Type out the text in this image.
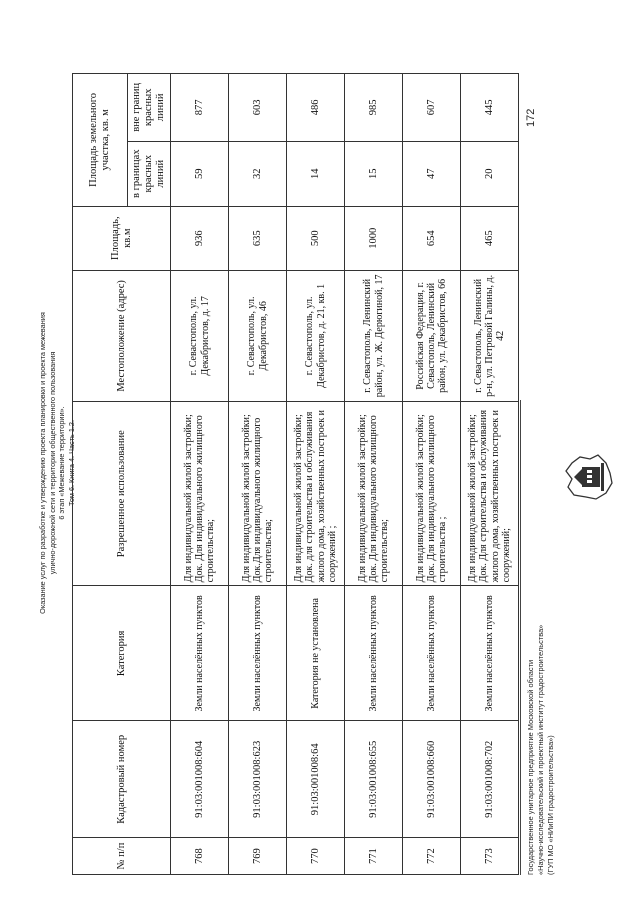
Оказание услуг по разработке и утверждению проекта планировки и проекта межевания улично-дорожной сети и территории общественного пользования 6 этап «Межевание территории». Том 6. Книга 4. Часть 1.2.
№ п/п	Кадастровый номер	Категория	Разрешенное использование	Местоположение (адрес)	Площадь, кв.м	Площадь земельного участка, кв. м	
						в границах красных линий	вне границ красных линий
768	91:03:001008:604	Земли населённых пунктов	Для индивидуальной жилой застройки; Док. Для индивидуального жилищного строительства;	г. Севастополь, ул. Декабристов, д. 17	936	59	877
769	91:03:001008:623	Земли населённых пунктов	Для индивидуальной жилой застройки; Док.Для индивидуального жилищного строительства;	г. Севастополь, ул. Декабристов, 46	635	32	603
770	91:03:001008:64	Категория не установлена	Для индивидуальной жилой застройки; Док. для строительства и обслуживания жилого дома, хозяйственных построек и сооружений ;	г. Севастополь, ул. Декабристов, д. 21, кв. 1	500	14	486
771	91:03:001008:655	Земли населённых пунктов	Для индивидуальной жилой застройки; Док. Для индивидуального жилищного строительства;	г. Севастополь, Ленинский район, ул. Ж. Дерюгиной, 17	1000	15	985
772	91:03:001008:660	Земли населённых пунктов	Для индивидуальной жилой застройки; Док. Для индивидуального жилищного строительства ;	Российская Федерация, г. Севастополь, Ленинский район, ул. Декабристов, 66	654	47	607
773	91:03:001008:702	Земли населённых пунктов	Для индивидуальной жилой застройки; Док. Для строительства и обслуживания жилого дома, хозяйственных построек и сооружений;	г. Севастополь, Ленинский р-н, ул. Петровой Галины, д. 42	465	20	445
172
Государственное унитарное предприятие Московской области «Научно-исследовательский и проектный институт градостроительства» (ГУП МО «НИиПИ градостроительства»)
